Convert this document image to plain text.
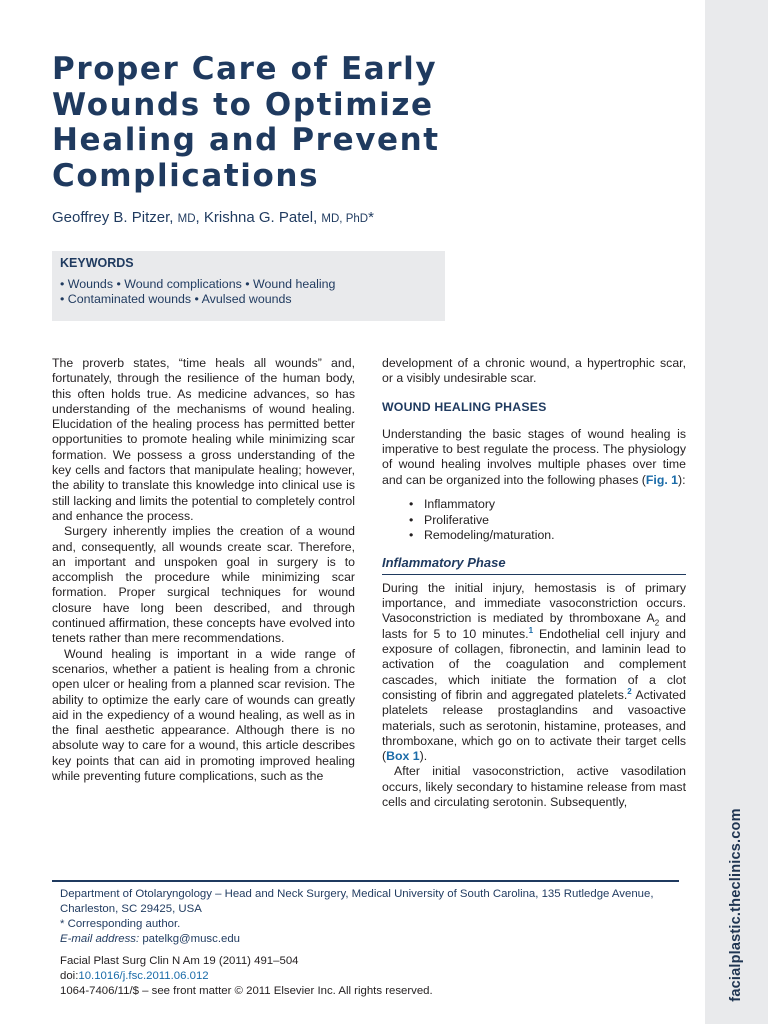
facialplastic.theclinics.com
Proper Care of Early Wounds to Optimize Healing and Prevent Complications
Geoffrey B. Pitzer, MD, Krishna G. Patel, MD, PhD*
KEYWORDS
• Wounds • Wound complications • Wound healing
• Contaminated wounds • Avulsed wounds

The proverb states, “time heals all wounds” and, fortunately, through the resilience of the human body, this often holds true. As medicine advances, so has understanding of the mechanisms of wound healing. Elucidation of the healing process has permitted better opportunities to promote healing while minimizing scar formation. We possess a gross understanding of the key cells and factors that manipulate healing; however, the ability to translate this knowledge into clinical use is still lacking and limits the potential to completely control and enhance the process.

Surgery inherently implies the creation of a wound and, consequently, all wounds create scar. Therefore, an important and unspoken goal in surgery is to accomplish the procedure while minimizing scar formation. Proper surgical techniques for wound closure have long been described, and through continued affirmation, these concepts have evolved into tenets rather than mere recommendations.

Wound healing is important in a wide range of scenarios, whether a patient is healing from a chronic open ulcer or healing from a planned scar revision. The ability to optimize the early care of wounds can greatly aid in the expediency of a wound healing, as well as in the final aesthetic appearance. Although there is no absolute way to care for a wound, this article describes key points that can aid in promoting improved healing while preventing future complications, such as the

development of a chronic wound, a hypertrophic scar, or a visibly undesirable scar.

WOUND HEALING PHASES

Understanding the basic stages of wound healing is imperative to best regulate the process. The physiology of wound healing involves multiple phases over time and can be organized into the following phases (Fig. 1):

• Inflammatory
• Proliferative
• Remodeling/maturation.
Inflammatory Phase

During the initial injury, hemostasis is of primary importance, and immediate vasoconstriction occurs. Vasoconstriction is mediated by thromboxane $A_2$ and lasts for 5 to 10 minutes.$^1$ Endothelial cell injury and exposure of collagen, fibronectin, and laminin lead to activation of the coagulation and complement cascades, which initiate the formation of a clot consisting of fibrin and aggregated platelets.$^2$ Activated platelets release prostaglandins and vasoactive materials, such as serotonin, histamine, proteases, and thromboxane, which go on to activate their target cells (Box 1).

After initial vasoconstriction, active vasodilation occurs, likely secondary to histamine release from mast cells and circulating serotonin. Subsequently,

Department of Otolaryngology – Head and Neck Surgery, Medical University of South Carolina, 135 Rutledge Avenue, Charleston, SC 29425, USA

* Corresponding author.

E-mail address: patelkg@musc.edu

Facial Plast Surg Clin N Am 19 (2011) 491–504

doi:10.1016/j.fsc.2011.06.012

1064-7406/11/$ – see front matter © 2011 Elsevier Inc. All rights reserved.
